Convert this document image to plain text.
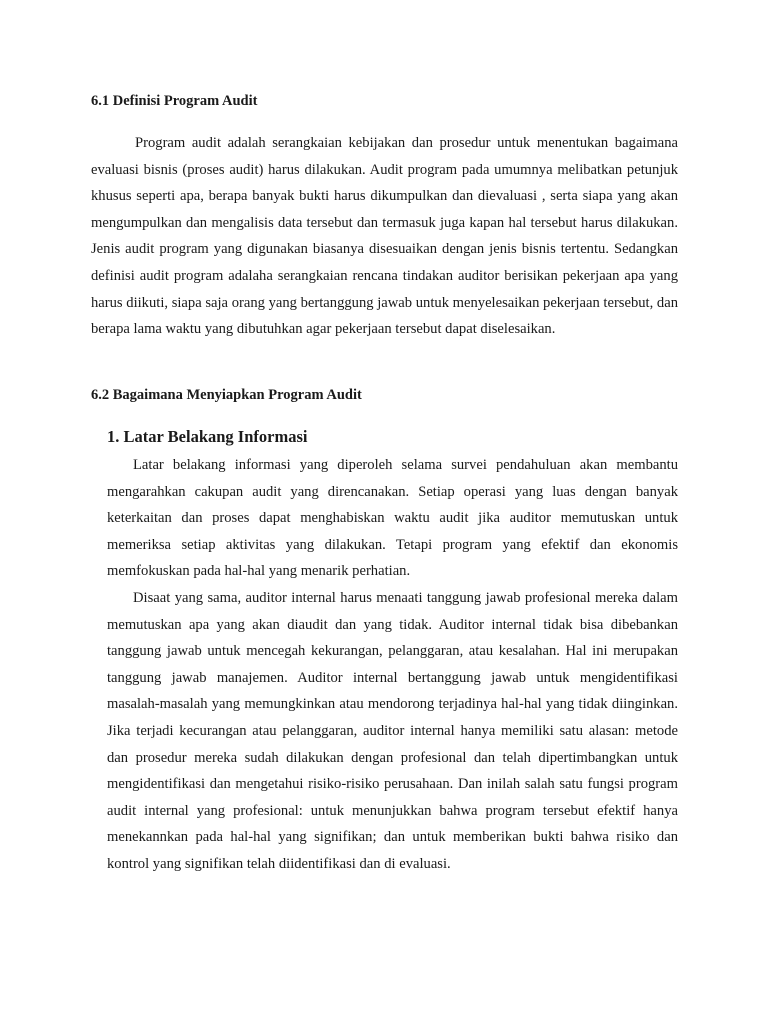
6.1 Definisi Program Audit

Program audit adalah serangkaian kebijakan dan prosedur untuk menentukan bagaimana evaluasi bisnis (proses audit) harus dilakukan. Audit program pada umumnya melibatkan petunjuk khusus seperti apa, berapa banyak bukti harus dikumpulkan dan dievaluasi , serta siapa yang akan mengumpulkan dan mengalisis data tersebut dan termasuk juga kapan hal tersebut harus dilakukan. Jenis audit program yang digunakan biasanya disesuaikan dengan jenis bisnis tertentu. Sedangkan definisi audit program adalaha serangkaian rencana tindakan auditor berisikan pekerjaan apa yang harus diikuti, siapa saja orang yang bertanggung jawab untuk menyelesaikan pekerjaan tersebut, dan berapa lama waktu yang dibutuhkan agar pekerjaan tersebut dapat diselesaikan.

6.2 Bagaimana Menyiapkan Program Audit
1. Latar Belakang Informasi

Latar belakang informasi yang diperoleh selama survei pendahuluan akan membantu mengarahkan cakupan audit yang direncanakan. Setiap operasi yang luas dengan banyak keterkaitan dan proses dapat menghabiskan waktu audit jika auditor memutuskan untuk memeriksa setiap aktivitas yang dilakukan. Tetapi program yang efektif dan ekonomis memfokuskan pada hal-hal yang menarik perhatian.

Disaat yang sama, auditor internal harus menaati tanggung jawab profesional mereka dalam memutuskan apa yang akan diaudit dan yang tidak. Auditor internal tidak bisa dibebankan tanggung jawab untuk mencegah kekurangan, pelanggaran, atau kesalahan. Hal ini merupakan tanggung jawab manajemen. Auditor internal bertanggung jawab untuk mengidentifikasi masalah-masalah yang memungkinkan atau mendorong terjadinya hal-hal yang tidak diinginkan. Jika terjadi kecurangan atau pelanggaran, auditor internal hanya memiliki satu alasan: metode dan prosedur mereka sudah dilakukan dengan profesional dan telah dipertimbangkan untuk mengidentifikasi dan mengetahui risiko-risiko perusahaan. Dan inilah salah satu fungsi program audit internal yang profesional: untuk menunjukkan bahwa program tersebut efektif hanya menekannkan pada hal-hal yang signifikan; dan untuk memberikan bukti bahwa risiko dan kontrol yang signifikan telah diidentifikasi dan di evaluasi.
